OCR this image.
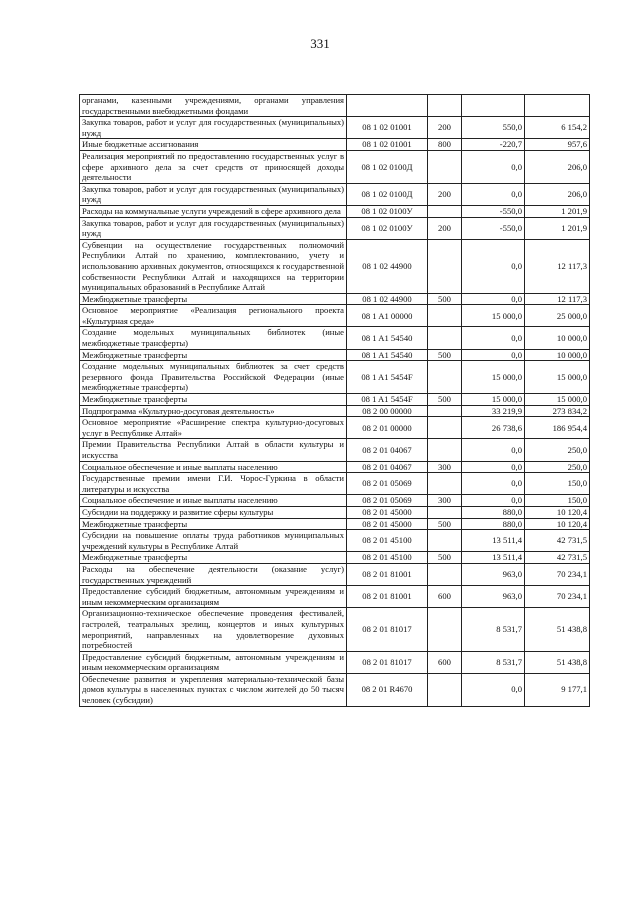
331
органами, казенными учреждениями, органами управления государственными внебюджетными фондами				
Закупка товаров, работ и услуг для государственных (муниципальных) нужд	08 1 02 01001	200	550,0	6 154,2
Иные бюджетные ассигнования	08 1 02 01001	800	-220,7	957,6
Реализация мероприятий по предоставлению государственных услуг в сфере архивного дела за счет средств от приносящей доходы деятельности	08 1 02 0100Д		0,0	206,0
Закупка товаров, работ и услуг для государственных (муниципальных) нужд	08 1 02 0100Д	200	0,0	206,0
Расходы на коммунальные услуги учреждений в сфере архивного дела	08 1 02 0100У		-550,0	1 201,9
Закупка товаров, работ и услуг для государственных (муниципальных) нужд	08 1 02 0100У	200	-550,0	1 201,9
Субвенции на осуществление государственных полномочий Республики Алтай по хранению, комплектованию, учету и использованию архивных документов, относящихся к государственной собственности Республики Алтай и находящихся на территории муниципальных образований в Республике Алтай	08 1 02 44900		0,0	12 117,3
Межбюджетные трансферты	08 1 02 44900	500	0,0	12 117,3
Основное мероприятие «Реализация регионального проекта «Культурная среда»	08 1 A1 00000		15 000,0	25 000,0
Создание модельных муниципальных библиотек (иные межбюджетные трансферты)	08 1 A1 54540		0,0	10 000,0
Межбюджетные трансферты	08 1 A1 54540	500	0,0	10 000,0
Создание модельных муниципальных библиотек за счет средств резервного фонда Правительства Российской Федерации (иные межбюджетные трансферты)	08 1 A1 5454F		15 000,0	15 000,0
Межбюджетные трансферты	08 1 A1 5454F	500	15 000,0	15 000,0
Подпрограмма «Культурно-досуговая деятельность»	08 2 00 00000		33 219,9	273 834,2
Основное мероприятие «Расширение спектра культурно-досуговых услуг в Республике Алтай»	08 2 01 00000		26 738,6	186 954,4
Премии Правительства Республики Алтай в области культуры и искусства	08 2 01 04067		0,0	250,0
Социальное обеспечение и иные выплаты населению	08 2 01 04067	300	0,0	250,0
Государственные премии имени Г.И. Чорос-Гуркина в области литературы и искусства	08 2 01 05069		0,0	150,0
Социальное обеспечение и иные выплаты населению	08 2 01 05069	300	0,0	150,0
Субсидии на поддержку и развитие сферы культуры	08 2 01 45000		880,0	10 120,4
Межбюджетные трансферты	08 2 01 45000	500	880,0	10 120,4
Субсидии на повышение оплаты труда работников муниципальных учреждений культуры в Республике Алтай	08 2 01 45100		13 511,4	42 731,5
Межбюджетные трансферты	08 2 01 45100	500	13 511,4	42 731,5
Расходы на обеспечение деятельности (оказание услуг) государственных учреждений	08 2 01 81001		963,0	70 234,1
Предоставление субсидий бюджетным, автономным учреждениям и иным некоммерческим организациям	08 2 01 81001	600	963,0	70 234,1
Организационно-техническое обеспечение проведения фестивалей, гастролей, театральных зрелищ, концертов и иных культурных мероприятий, направленных на удовлетворение духовных потребностей	08 2 01 81017		8 531,7	51 438,8
Предоставление субсидий бюджетным, автономным учреждениям и иным некоммерческим организациям	08 2 01 81017	600	8 531,7	51 438,8
Обеспечение развития и укрепления материально-технической базы домов культуры в населенных пунктах с числом жителей до 50 тысяч человек (субсидии)	08 2 01 R4670		0,0	9 177,1
